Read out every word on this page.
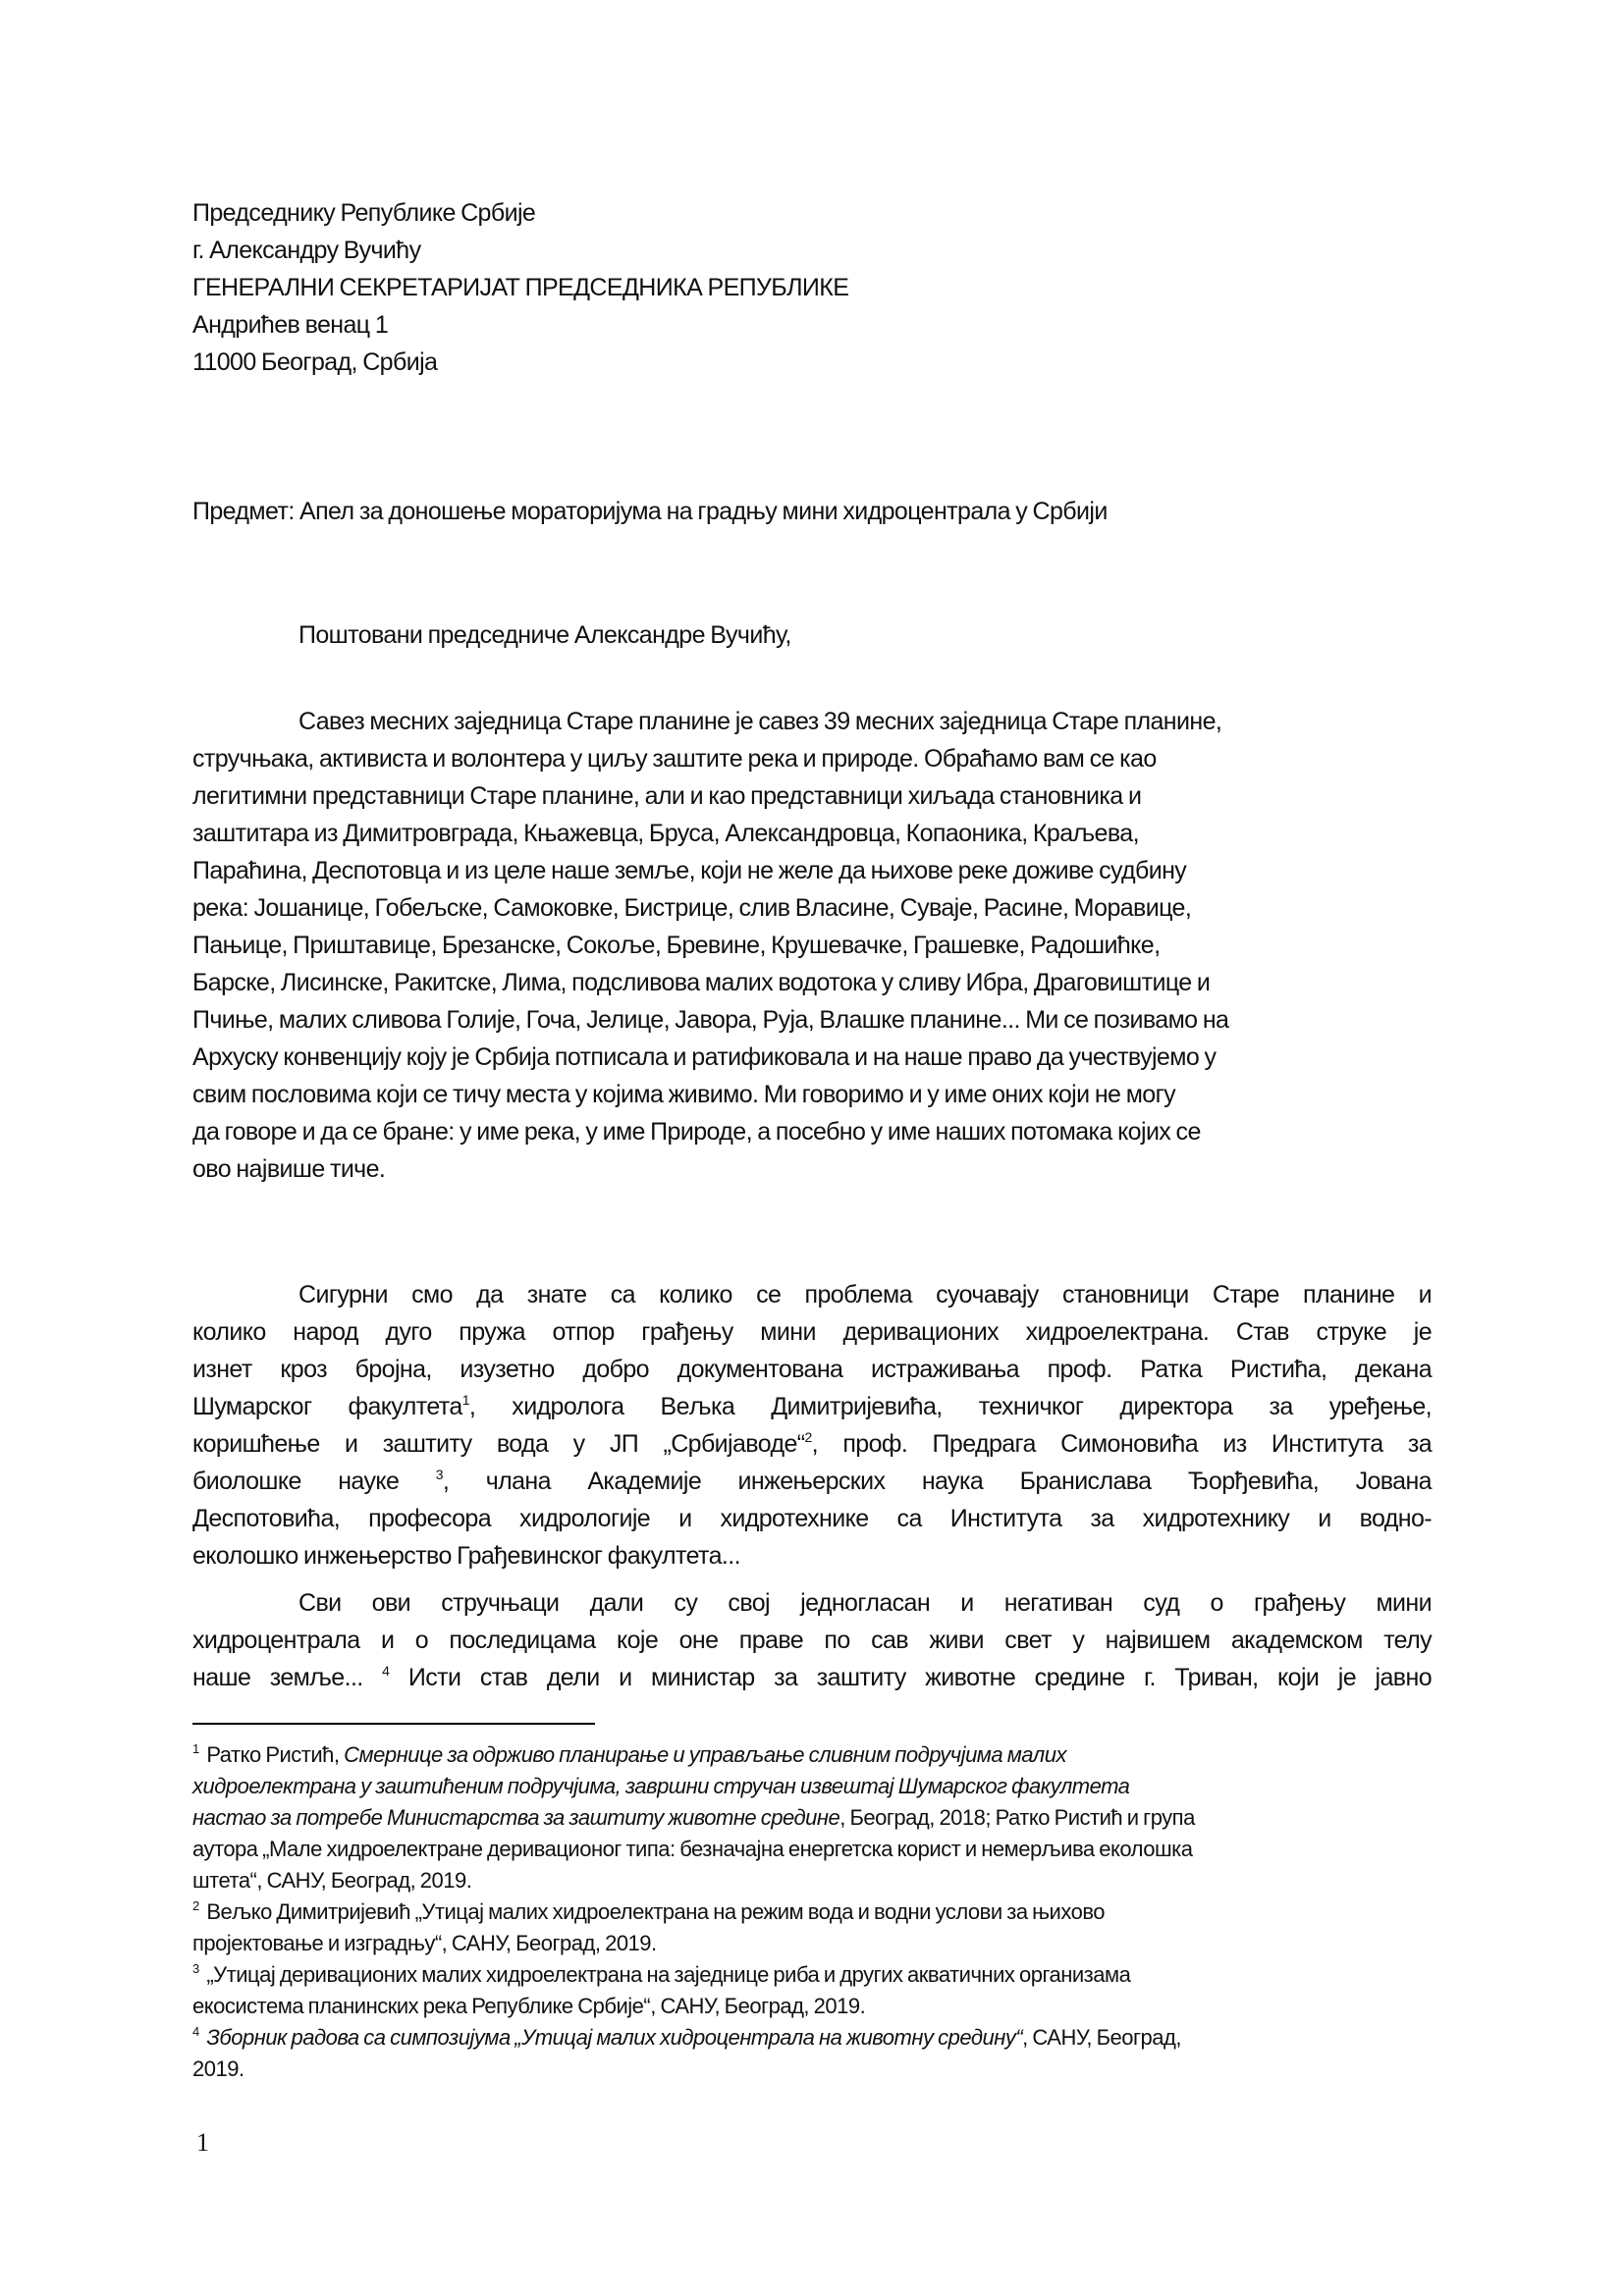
Председнику Републике Србије
г. Александру Вучићу
ГЕНЕРАЛНИ СЕКРЕТАРИЈАТ ПРЕДСЕДНИКА РЕПУБЛИКЕ
Андрићев венац 1
11000 Београд, Србија
Предмет: Апел за доношење мораторијума на градњу мини хидроцентрала у Србији
Поштовани председниче Александре Вучићу,
Савез месних заједница Старе планине је савез 39 месних заједница Старе планине,
стручњака, активиста и волонтера у циљу заштите река и природе. Обраћамо вам се као
легитимни представници Старе планине, али и као представници хиљада становника и
заштитара из Димитровграда, Књажевца, Бруса, Александровца, Копаоника, Краљева,
Параћина, Деспотовца и из целе наше земље, који не желе да њихове реке доживе судбину
река: Јошанице, Гобељске, Самоковке, Бистрице, слив Власине, Суваје, Расине, Моравице,
Пањице, Приштавице, Брезанске, Сокоље, Бревине, Крушевачке, Грашевке, Радошићке,
Барске, Лисинске, Ракитске, Лима, подсливова малих водотока у сливу Ибра, Драговиштице и
Пчиње, малих сливова Голије, Гоча, Јелице, Јавора, Руја, Влашке планине... Ми се позивамо на
Архуску конвенцију коју је Србија потписала и ратификовала и на наше право да учествујемо у
свим пословима који се тичу места у којима живимо. Ми говоримо и у име оних који не могу
да говоре и да се бране: у име река, у име Природе, а посебно у име наших потомака којих се
ово највише тиче.
Сигурни смо да знате са колико се проблема суочавају становници Старе планине и
колико народ дуго пружа отпор грађењу мини деривационих хидроелектрана. Став струке је
изнет кроз бројна, изузетно добро документована истраживања проф. Ратка Ристића, декана
Шумарског факултета$^1$, хидролога Вељка Димитријевића, техничког директора за уређење,
коришћење и заштиту вода у ЈП „Србијаводе“$^2$, проф. Предрага Симоновића из Института за
биолошке науке $^3$, члана Академије инжењерских наука Бранислава Ђорђевића, Јована
Деспотовића, професора хидрологије и хидротехнике са Института за хидротехнику и водно-
еколошко инжењерство Грађевинског факултета...
Сви ови стручњаци дали су свој једногласан и негативан суд о грађењу мини
хидроцентрала и о последицама које оне праве по сав живи свет у највишем академском телу
наше земље... $^4$ Исти став дели и министар за заштиту животне средине г. Триван, који је јавно
$^1$ Ратко Ристић, Смернице за одрживо планирање и управљање сливним подручјима малих
хидроелектрана у заштићеним подручјима, завршни стручан извештај Шумарског факултета
настао за потребе Министарства за заштиту животне средине, Београд, 2018; Ратко Ристић и група
аутора „Мале хидроелектране деривационог типа: безначајна енергетска корист и немерљива еколошка
штета“, САНУ, Београд, 2019.
$^2$ Вељко Димитријевић „Утицај малих хидроелектрана на режим вода и водни услови за њихово
пројектовање и изградњу“, САНУ, Београд, 2019.
$^3$ „Утицај деривационих малих хидроелектрана на заједнице риба и других акватичних организама
екосистема планинских река Републике Србије“, САНУ, Београд, 2019.
$^4$ Зборник радова са симпозијума „Утицај малих хидроцентрала на животну средину“, САНУ, Београд,
2019.
1
